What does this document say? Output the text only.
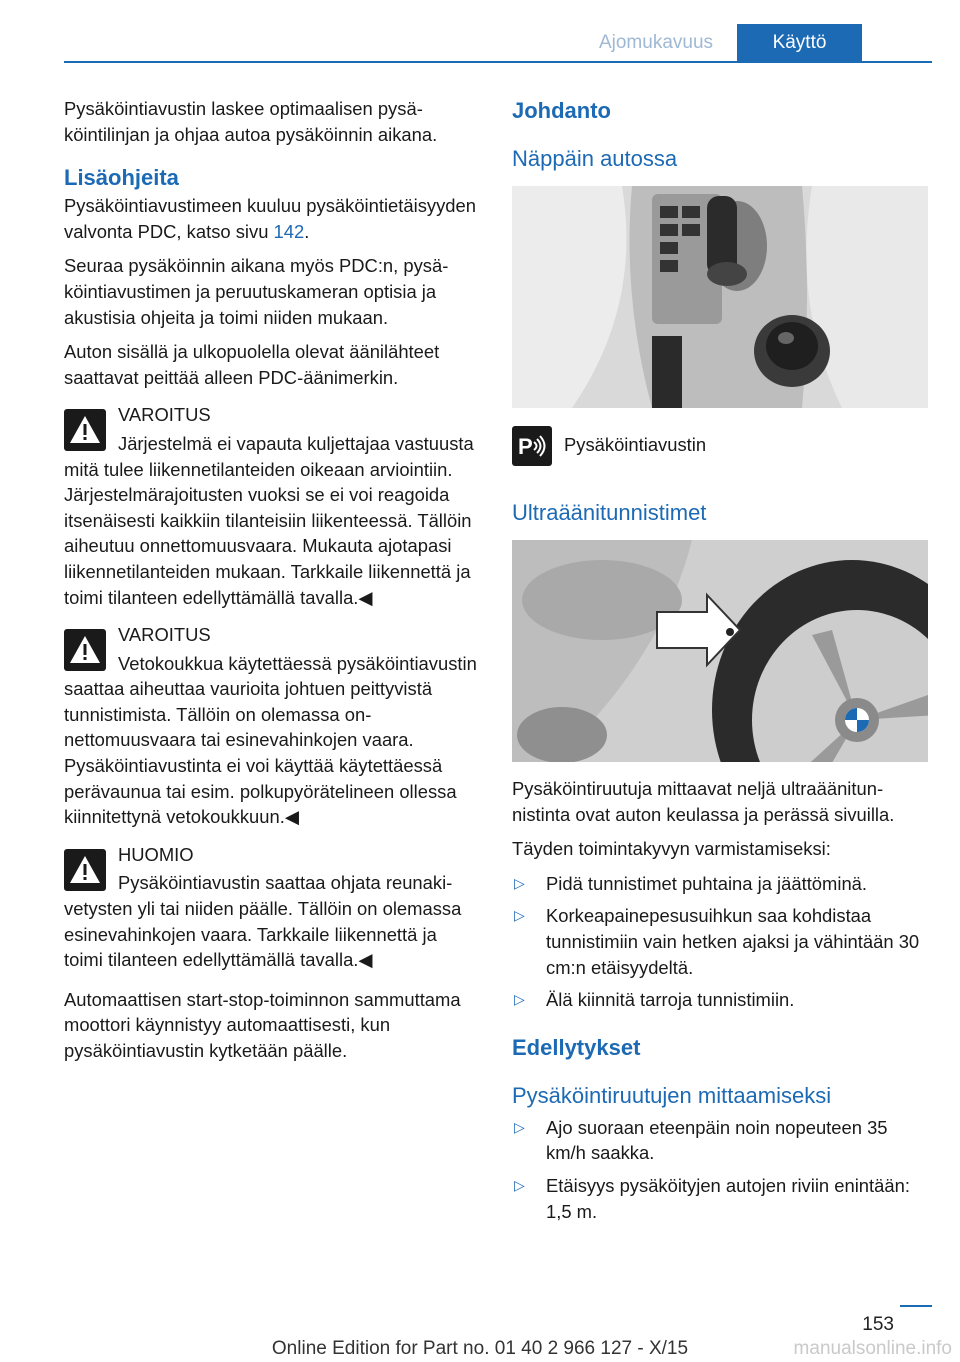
Ajomukavuus	Käyttö

Pysäköintiavustin laskee optimaalisen pysäköintilinjan ja ohjaa autoa pysäköinnin aikana.

Lisäohjeita

Pysäköintiavustimeen kuuluu pysäköintietäisyyden valvonta PDC, katso sivu 142.

Seuraa pysäköinnin aikana myös PDC:n, pysäköintiavustimen ja peruutuskameran optisia ja akustisia ohjeita ja toimi niiden mukaan.

Auton sisällä ja ulkopuolella olevat äänilähteet saattavat peittää alleen PDC-äänimerkin.

VAROITUS
Järjestelmä ei vapauta kuljettajaa vastuusta mitä tulee liikennetilanteiden oikeaan arviointiin. Järjestelmärajoitusten vuoksi se ei voi reagoida itsenäisesti kaikkiin tilanteisiin liikenteessä. Tällöin aiheutuu onnettomuusvaara. Mukauta ajotapasi liikennetilanteiden mukaan. Tarkkaile liikennettä ja toimi tilanteen edellyttämällä tavalla.◀
VAROITUS
Vetokoukkua käytettäessä pysäköintiavustin saattaa aiheuttaa vaurioita johtuen peittyvistä tunnistimista. Tällöin on olemassa onnettomuusvaara tai esinevahinkojen vaara. Pysäköintiavustinta ei voi käyttää käytettäessä perävaunua tai esim. polkupyörätelineen ollessa kiinnitettynä vetokoukkuun.◀
HUOMIO
Pysäköintiavustin saattaa ohjata reunakivetysten yli tai niiden päälle. Tällöin on olemassa esinevahinkojen vaara. Tarkkaile liikennettä ja toimi tilanteen edellyttämällä tavalla.◀

Automaattisen start-stop-toiminnon sammuttama moottori käynnistyy automaattisesti, kun pysäköintiavustin kytketään päälle.

Johdanto
Näppäin autossa
P Pysäköintiavustin
Ultraäänitunnistimet

Pysäköintiruutuja mittaavat neljä ultraäänitunnistinta ovat auton keulassa ja perässä sivuilla.

Täyden toimintakyvyn varmistamiseksi:

▷ Pidä tunnistimet puhtaina ja jäättöminä.
▷ Korkeapainepesusuihkun saa kohdistaa tunnistimiin vain hetken ajaksi ja vähintään 30 cm:n etäisyydeltä.
▷ Älä kiinnitä tarroja tunnistimiin.
Edellytykset
Pysäköintiruutujen mittaamiseksi
▷ Ajo suoraan eteenpäin noin nopeuteen 35 km/h saakka.
▷ Etäisyys pysäköityjen autojen riviin enintään: 1,5 m.
153
Online Edition for Part no. 01 40 2 966 127 - X/15	manualsonline.info
